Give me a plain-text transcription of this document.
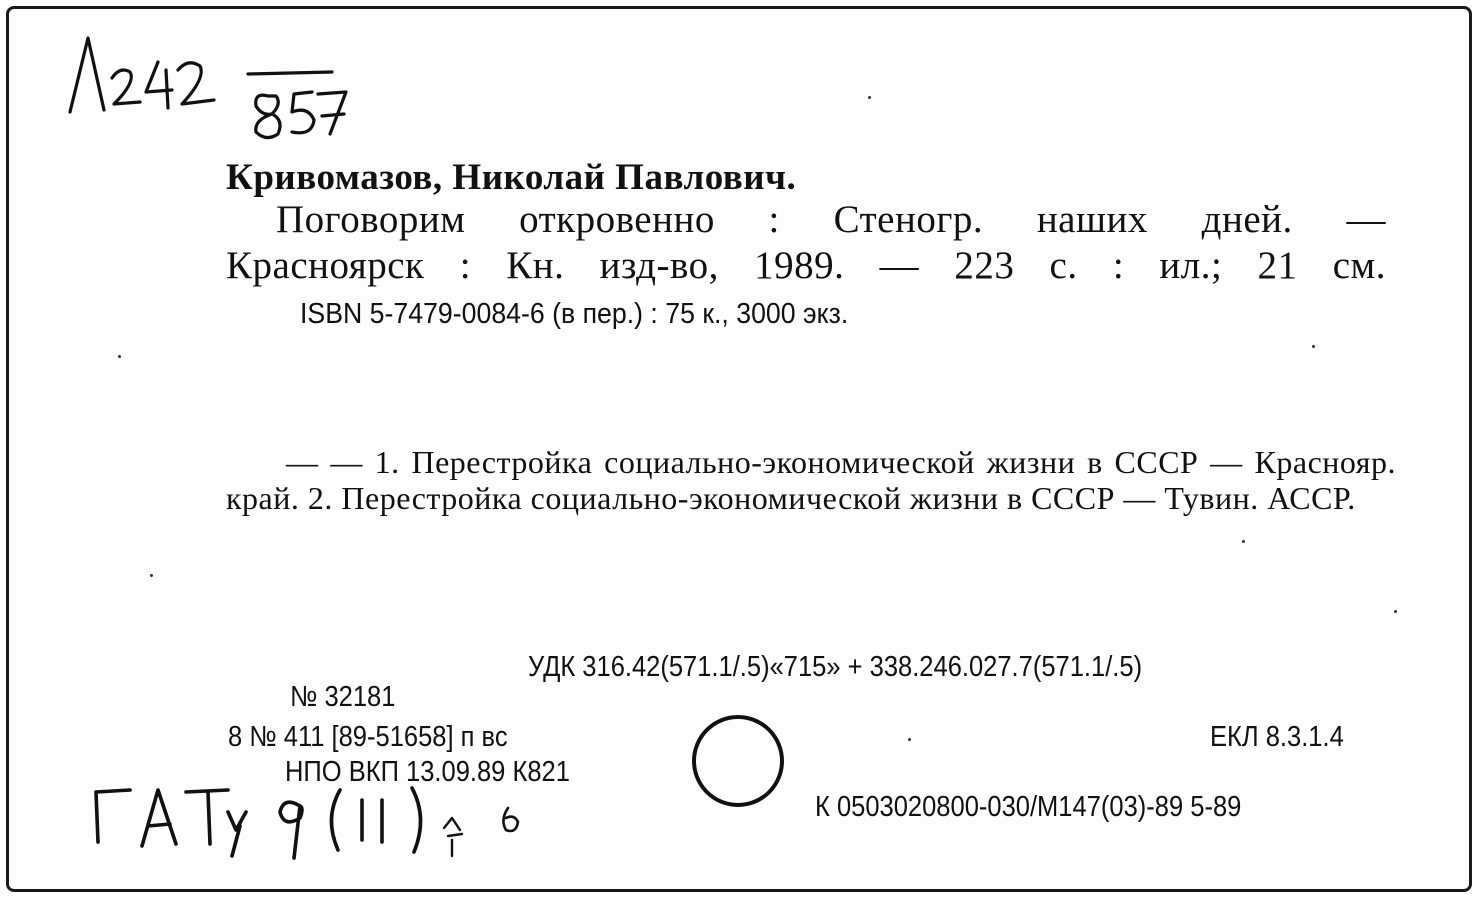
Кривомазов, Николай Павлович.
Поговорим откровенно : Стеногр. наших дней. —
Красноярск : Кн. изд-во, 1989. — 223 с. : ил.; 21 см.
ISBN 5-7479-0084-6 (в пер.) : 75 к., 3000 экз.
— — 1. Перестройка социально-экономической жизни в СССР — Краснояр. край. 2. Перестройка социально-экономической жизни в СССР — Тувин. АССР.
УДК 316.42(571.1/.5)«715» + 338.246.027.7(571.1/.5)
№ 32181
8 № 411 [89-51658] п вс	ЕКЛ 8.3.1.4
НПО ВКП 13.09.89 К821
К 0503020800-030/М147(03)-89 5-89
